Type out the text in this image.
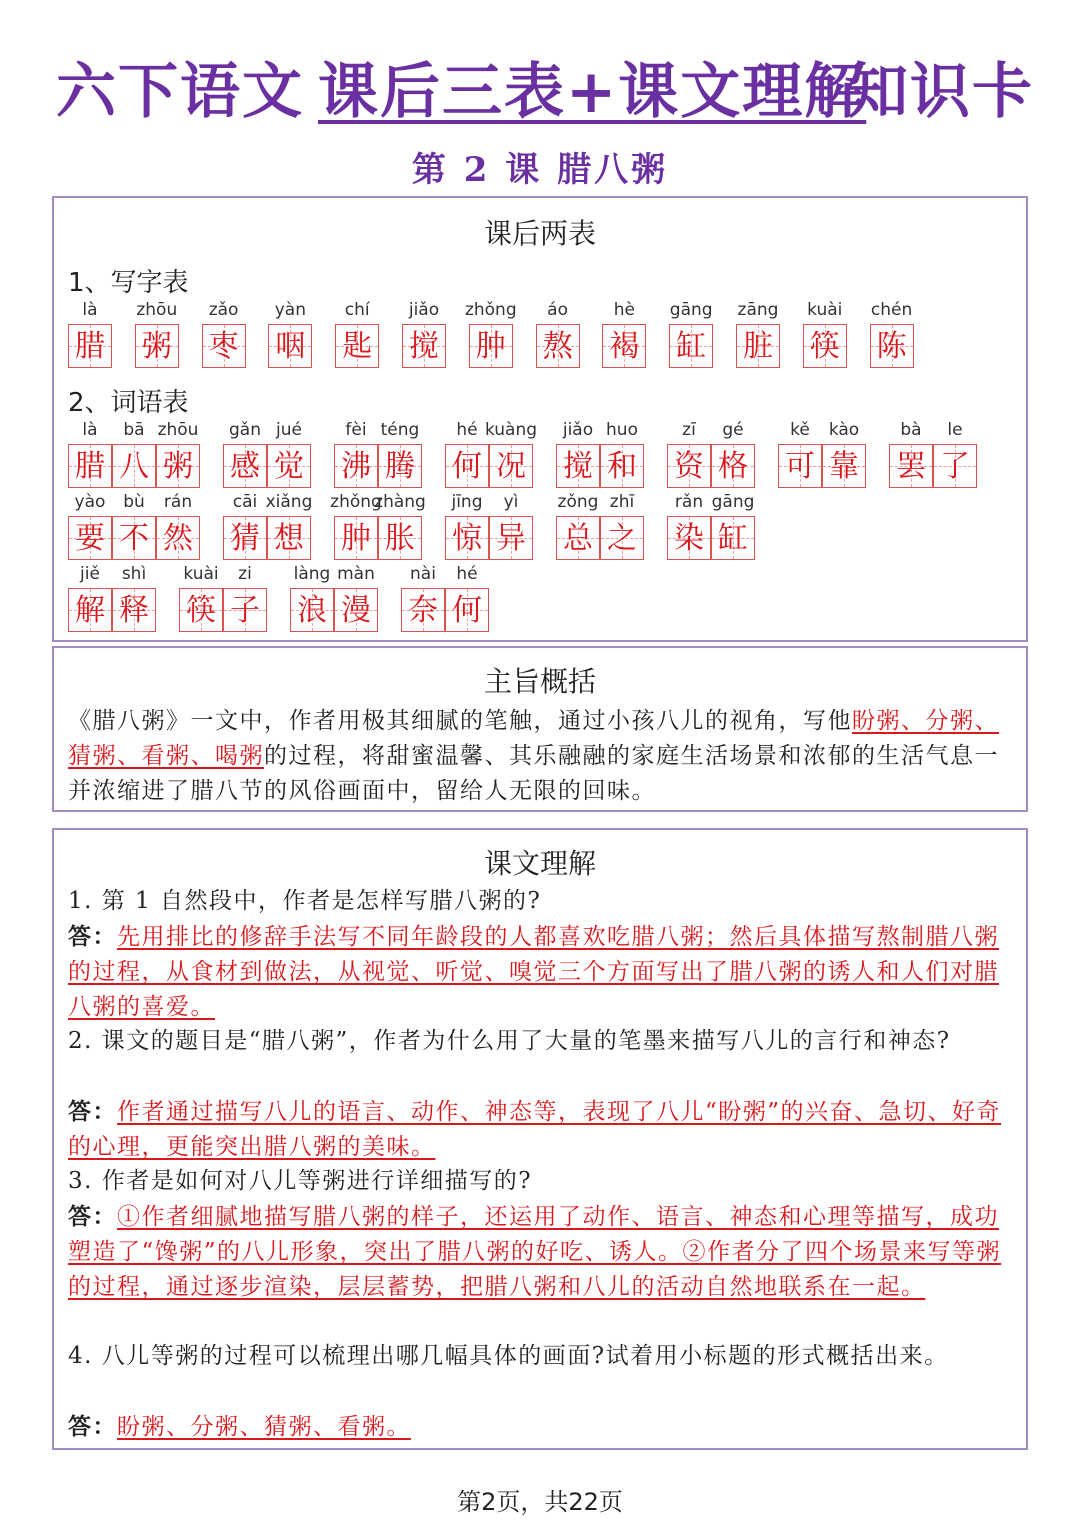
六下语文 课后三表+课文理解
知识卡
第 2 课 腊八粥
课后两表
1、写字表
là
腊
zhōu
粥
zǎo
枣
yàn
咽
chí
匙
jiǎo
搅
zhǒng
肿
áo
熬
hè
褐
gāng
缸
zāng
脏
kuài
筷
chén
陈
2、词语表
là
腊
bā
八
zhōu
粥
gǎn
感
jué
觉
fèi
沸
téng
腾
hé
何
kuàng
况
jiǎo
搅
huo
和
zī
资
gé
格
kě
可
kào
靠
bà
罢
le
了
yào
要
bù
不
rán
然
cāi
猜
xiǎng
想
zhǒng
肿
zhàng
胀
jīng
惊
yì
异
zǒng
总
zhī
之
rǎn
染
gāng
缸
jiě
解
shì
释
kuài
筷
zi
子
làng
浪
màn
漫
nài
奈
hé
何
主旨概括
《腊八粥》一文中，作者用极其细腻的笔触，通过小孩八儿的视角，写他盼粥、分粥、猜粥、看粥、喝粥的过程，将甜蜜温馨、其乐融融的家庭生活场景和浓郁的生活气息一并浓缩进了腊八节的风俗画面中，留给人无限的回味。
课文理解
1. 第 1 自然段中，作者是怎样写腊八粥的?
答：先用排比的修辞手法写不同年龄段的人都喜欢吃腊八粥；然后具体描写熬制腊八粥的过程，从食材到做法，从视觉、听觉、嗅觉三个方面写出了腊八粥的诱人和人们对腊八粥的喜爱。
2. 课文的题目是“腊八粥”，作者为什么用了大量的笔墨来描写八儿的言行和神态?
答：作者通过描写八儿的语言、动作、神态等，表现了八儿“盼粥”的兴奋、急切、好奇的心理，更能突出腊八粥的美味。
3. 作者是如何对八儿等粥进行详细描写的?
答：①作者细腻地描写腊八粥的样子，还运用了动作、语言、神态和心理等描写，成功塑造了“馋粥”的八儿形象，突出了腊八粥的好吃、诱人。②作者分了四个场景来写等粥的过程，通过逐步渲染，层层蓄势，把腊八粥和八儿的活动自然地联系在一起。
4. 八儿等粥的过程可以梳理出哪几幅具体的画面?试着用小标题的形式概括出来。
答：盼粥、分粥、猜粥、看粥。
第2页，共22页
